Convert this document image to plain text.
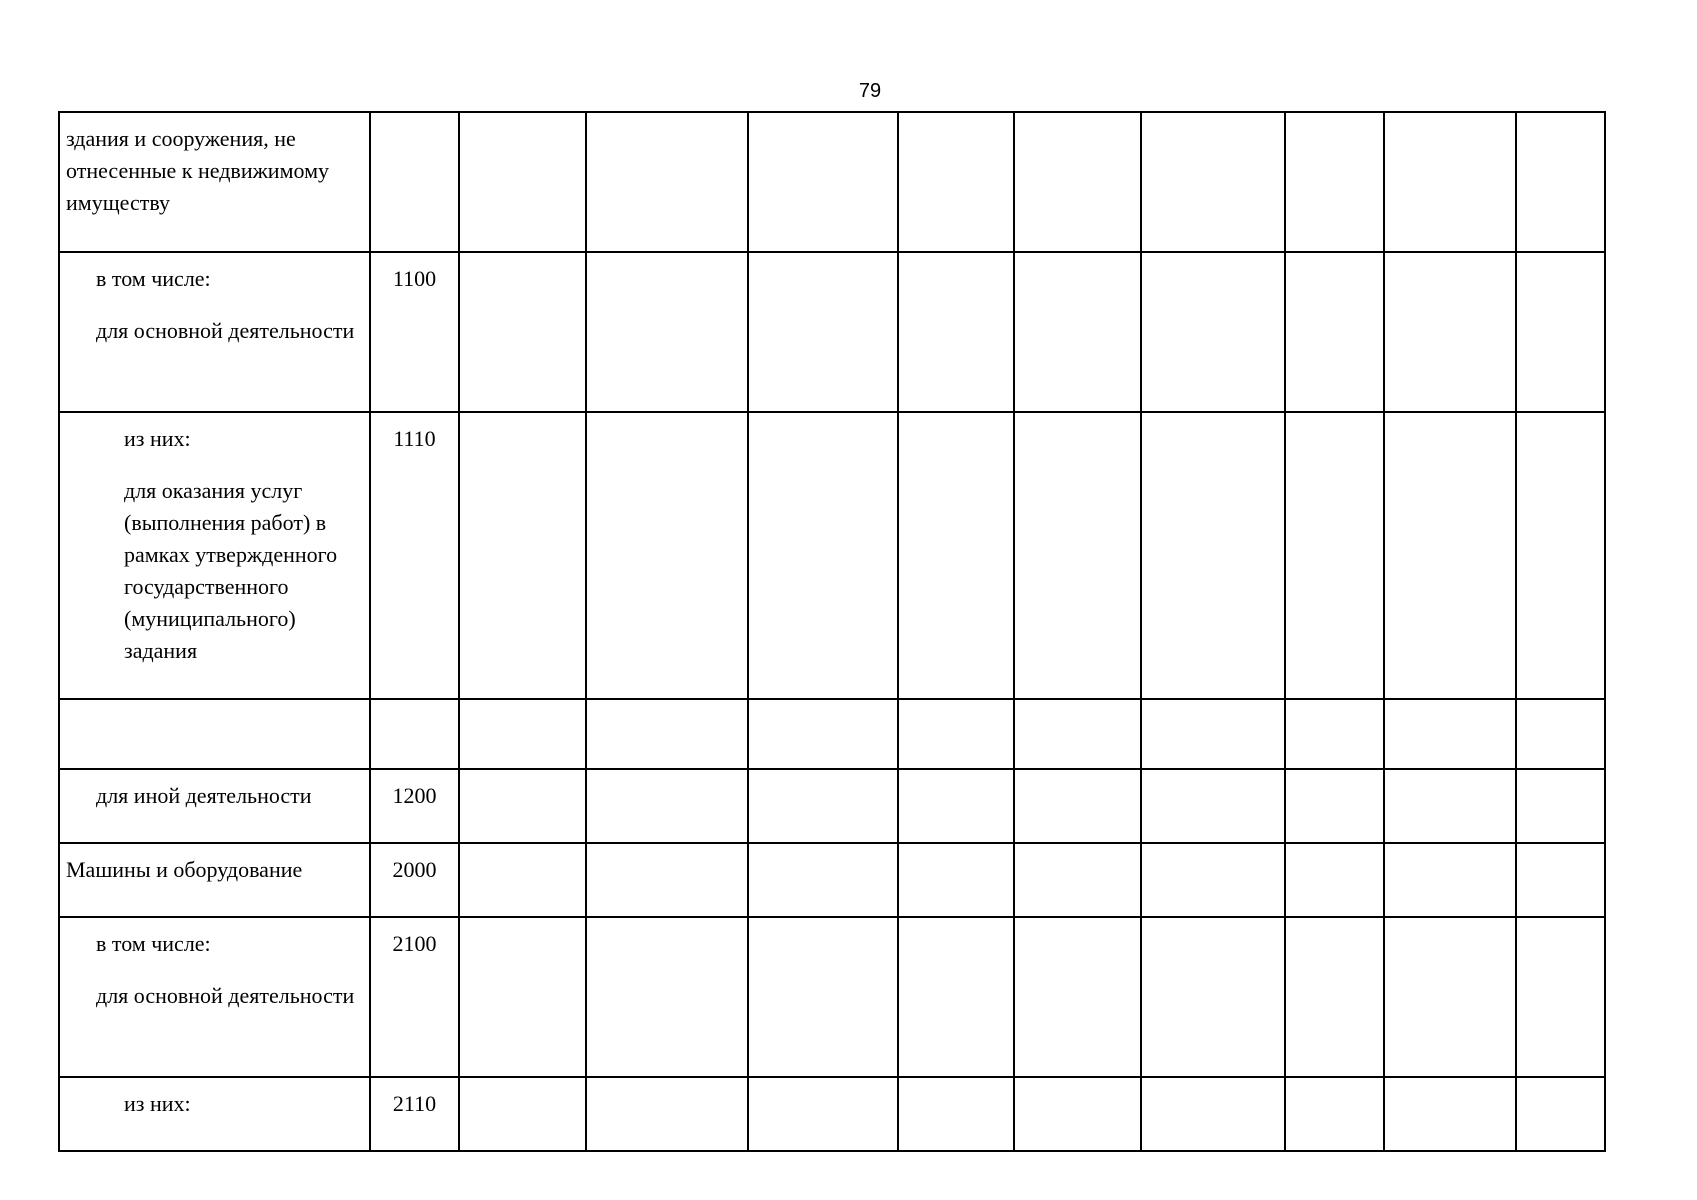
79
здания и сооружения, не отнесенные к недвижимому имуществу										

в том числе:
для основной деятельности	1100									

из них:
для оказания услуг (выполнения работ) в рамках утвержденного государственного (муниципального) задания	1110									

для иной деятельности	1200									

Машины и оборудование	2000									

в том числе:
для основной деятельности	2100									

из них:	2110									
